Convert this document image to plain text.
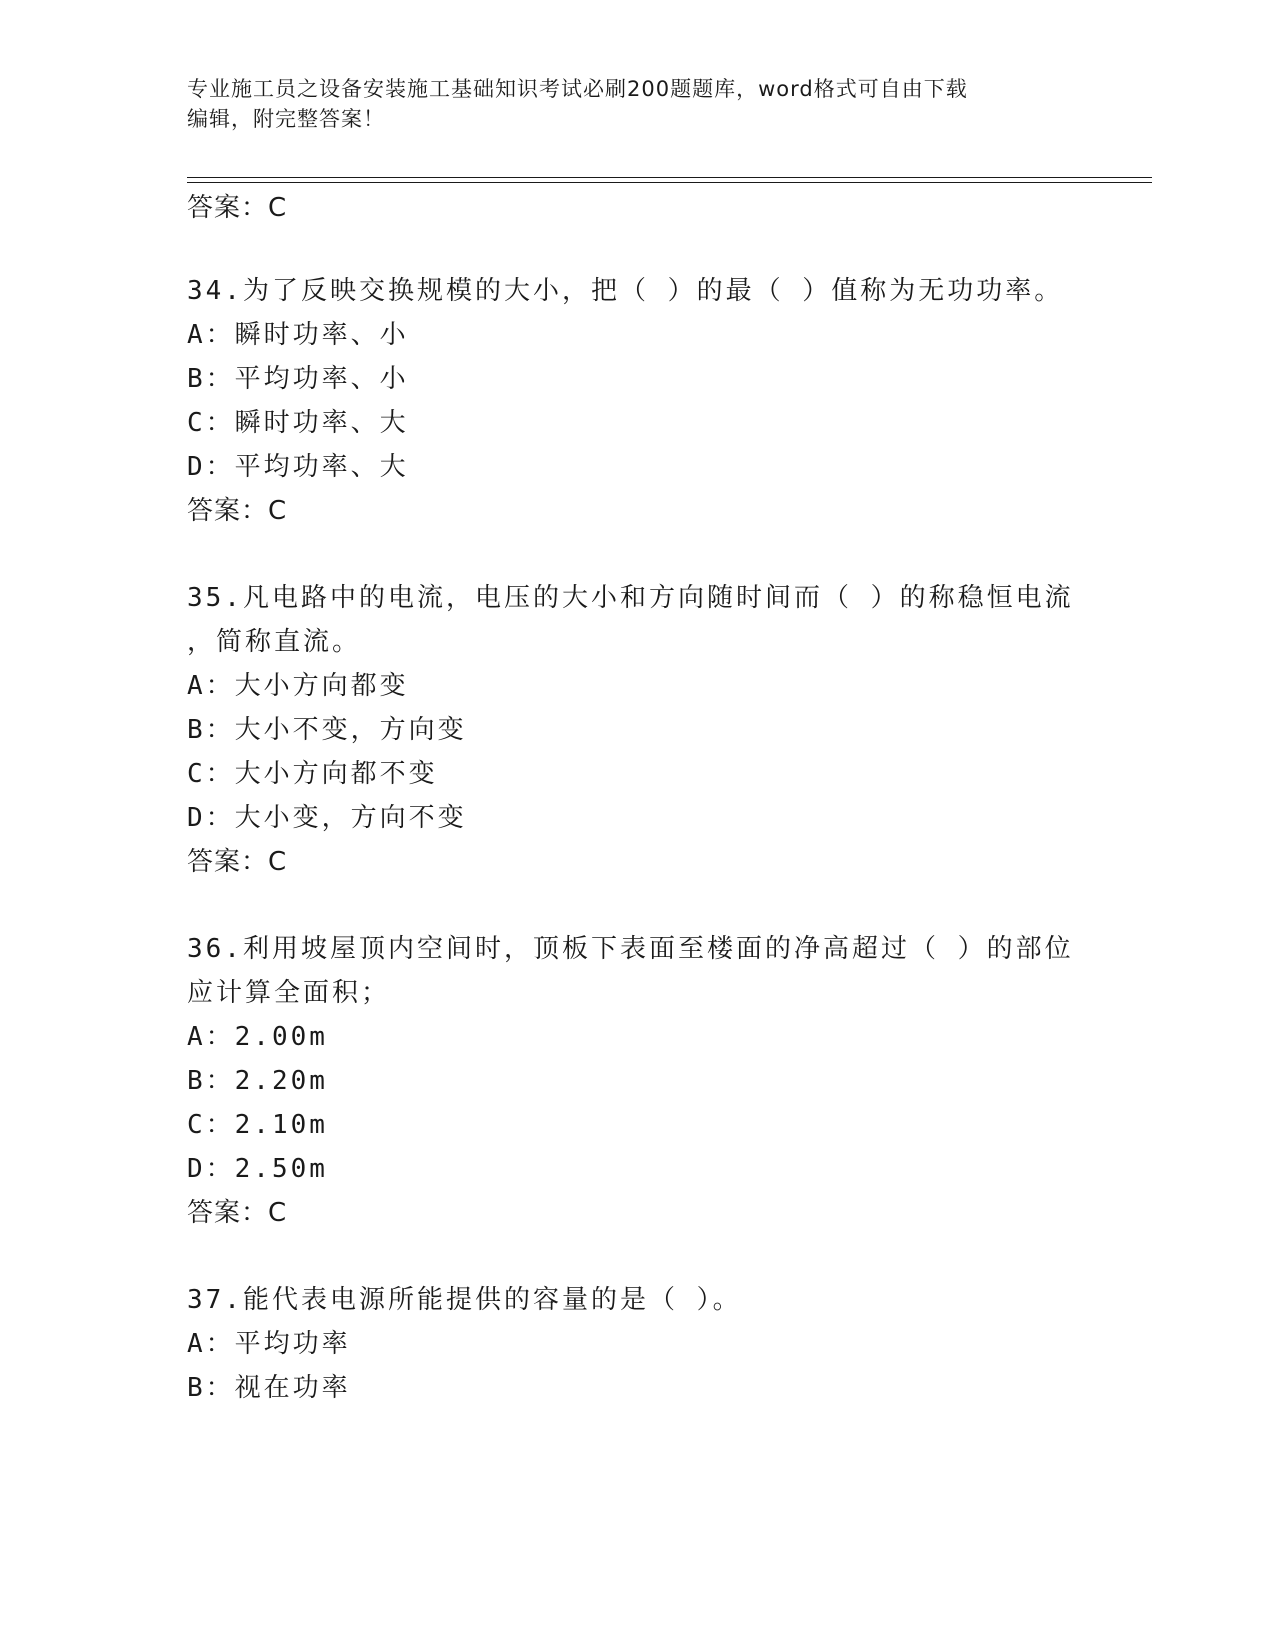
专业施工员之设备安装施工基础知识考试必刷200题题库，word格式可自由下载
编辑，附完整答案！
答案：C
34.为了反映交换规模的大小，把（ ）的最（ ）值称为无功功率。
A：瞬时功率、小
B：平均功率、小
C：瞬时功率、大
D：平均功率、大
答案：C
35.凡电路中的电流，电压的大小和方向随时间而（ ）的称稳恒电流
，简称直流。
A：大小方向都变
B：大小不变，方向变
C：大小方向都不变
D：大小变，方向不变
答案：C
36.利用坡屋顶内空间时，顶板下表面至楼面的净高超过（ ）的部位
应计算全面积；
A：2.00m
B：2.20m
C：2.10m
D：2.50m
答案：C
37.能代表电源所能提供的容量的是（ ）。
A：平均功率
B：视在功率
